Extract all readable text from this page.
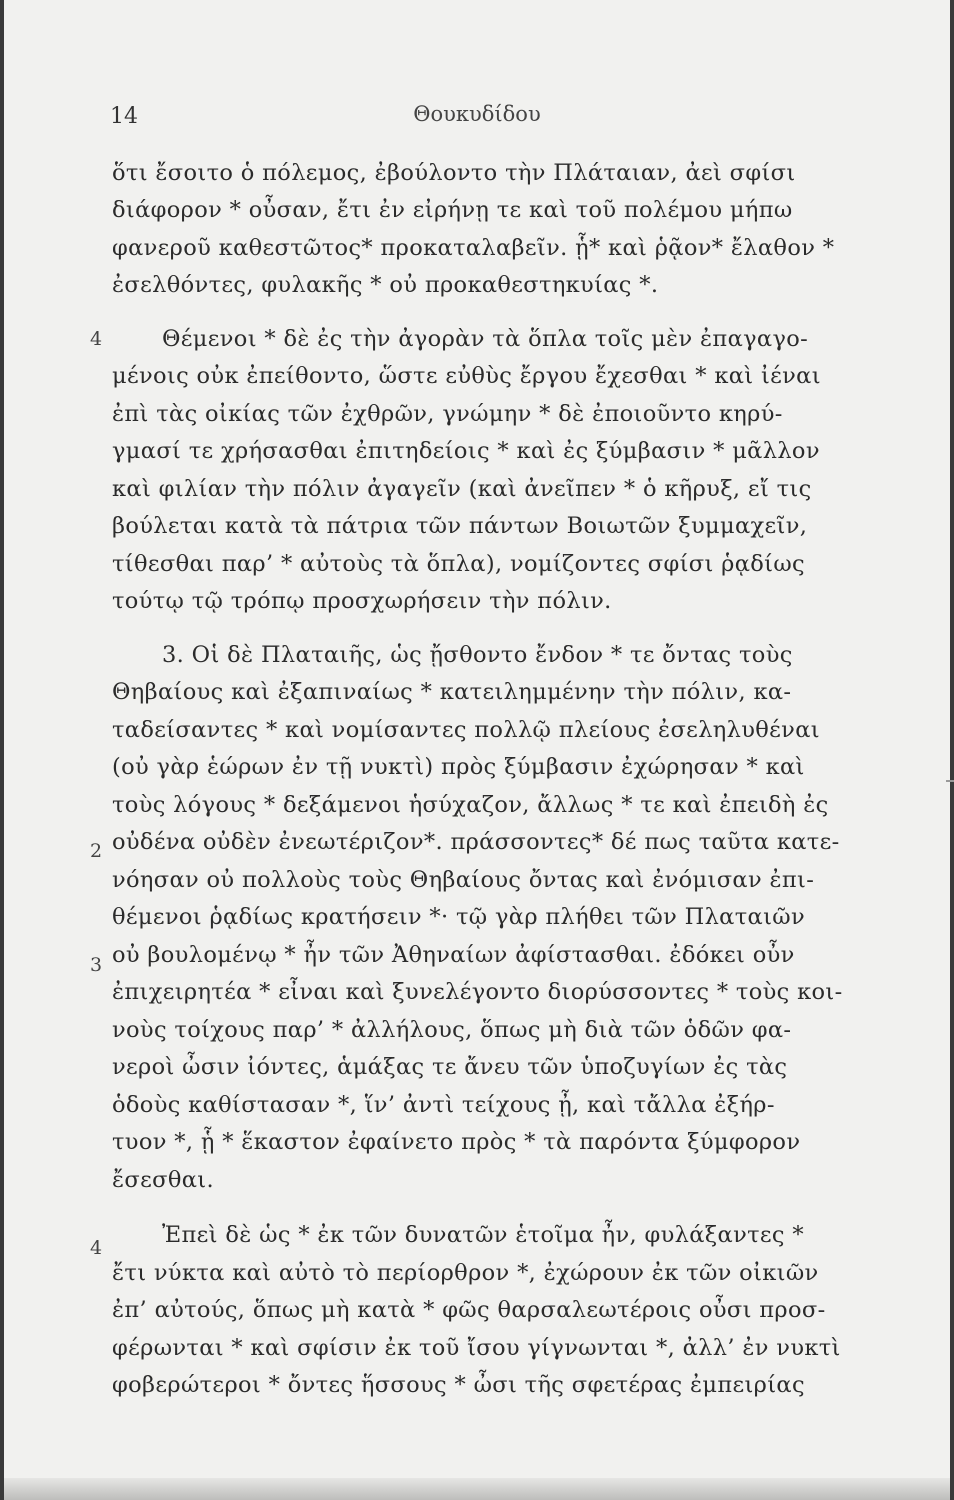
14	Θουκυδίδου
4
2
3
4
ὅτι ἔσοιτο ὁ πόλεμος, ἐβούλοντο τὴν Πλάταιαν, ἀεὶ σφίσι
διάφορον * οὖσαν, ἔτι ἐν εἰρήνῃ τε καὶ τοῦ πολέμου μήπω
φανεροῦ καθεστῶτος* προκαταλαβεῖν. ᾗ* καὶ ῥᾷον* ἔλαθον *
ἐσελθόντες, φυλακῆς * οὐ προκαθεστηκυίας *.
Θέμενοι * δὲ ἐς τὴν ἀγορὰν τὰ ὅπλα τοῖς μὲν ἐπαγαγο-
μένοις οὐκ ἐπείθοντο, ὥστε εὐθὺς ἔργου ἔχεσθαι * καὶ ἰέναι
ἐπὶ τὰς οἰκίας τῶν ἐχθρῶν, γνώμην * δὲ ἐποιοῦντο κηρύ-
γμασί τε χρήσασθαι ἐπιτηδείοις * καὶ ἐς ξύμβασιν * μᾶλλον
καὶ φιλίαν τὴν πόλιν ἀγαγεῖν (καὶ ἀνεῖπεν * ὁ κῆρυξ, εἴ τις
βούλεται κατὰ τὰ πάτρια τῶν πάντων Βοιωτῶν ξυμμαχεῖν,
τίθεσθαι παρ’ * αὐτοὺς τὰ ὅπλα), νομίζοντες σφίσι ῥᾳδίως
τούτῳ τῷ τρόπῳ προσχωρήσειν τὴν πόλιν.
3. Οἱ δὲ Πλαταιῆς, ὡς ᾔσθοντο ἔνδον * τε ὄντας τοὺς
Θηβαίους καὶ ἐξαπιναίως * κατειλημμένην τὴν πόλιν, κα-
ταδείσαντες * καὶ νομίσαντες πολλῷ πλείους ἐσεληλυθέναι
(οὐ γὰρ ἑώρων ἐν τῇ νυκτὶ) πρὸς ξύμβασιν ἐχώρησαν * καὶ
τοὺς λόγους * δεξάμενοι ἡσύχαζον, ἄλλως * τε καὶ ἐπειδὴ ἐς
οὐδένα οὐδὲν ἐνεωτέριζον*. πράσσοντες* δέ πως ταῦτα κατε-
νόησαν οὐ πολλοὺς τοὺς Θηβαίους ὄντας καὶ ἐνόμισαν ἐπι-
θέμενοι ῥᾳδίως κρατήσειν *· τῷ γὰρ πλήθει τῶν Πλαταιῶν
οὐ βουλομένῳ * ἦν τῶν Ἀθηναίων ἀφίστασθαι. ἐδόκει οὖν
ἐπιχειρητέα * εἶναι καὶ ξυνελέγοντο διορύσσοντες * τοὺς κοι-
νοὺς τοίχους παρ’ * ἀλλήλους, ὅπως μὴ διὰ τῶν ὁδῶν φα-
νεροὶ ὦσιν ἰόντες, ἁμάξας τε ἄνευ τῶν ὑποζυγίων ἐς τὰς
ὁδοὺς καθίστασαν *, ἵν’ ἀντὶ τείχους ᾖ, καὶ τἄλλα ἐξήρ-
τυον *, ᾗ * ἕκαστον ἐφαίνετο πρὸς * τὰ παρόντα ξύμφορον
ἔσεσθαι.
Ἐπεὶ δὲ ὡς * ἐκ τῶν δυνατῶν ἑτοῖμα ἦν, φυλάξαντες *
ἔτι νύκτα καὶ αὐτὸ τὸ περίορθρον *, ἐχώρουν ἐκ τῶν οἰκιῶν
ἐπ’ αὐτούς, ὅπως μὴ κατὰ * φῶς θαρσαλεωτέροις οὖσι προσ-
φέρωνται * καὶ σφίσιν ἐκ τοῦ ἴσου γίγνωνται *, ἀλλ’ ἐν νυκτὶ
φοβερώτεροι * ὄντες ἥσσους * ὦσι τῆς σφετέρας ἐμπειρίας
